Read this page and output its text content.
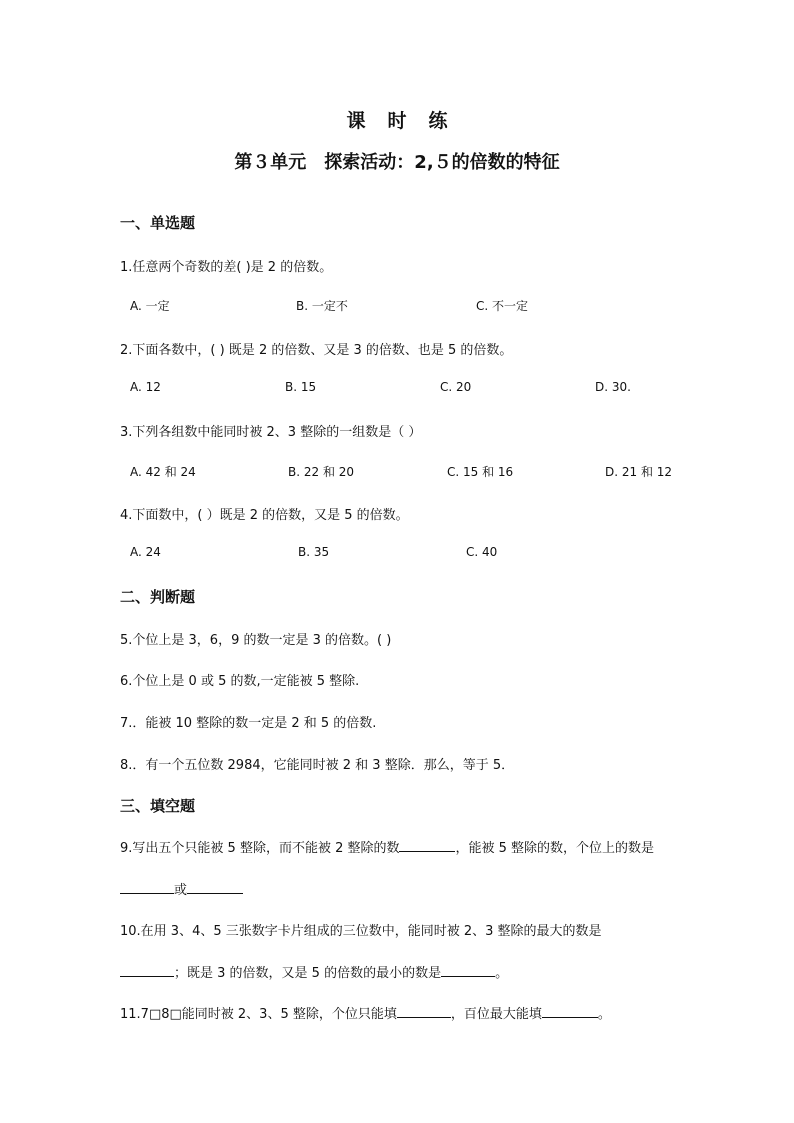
课 时 练
第３单元　探索活动：2,５的倍数的特征
一、单选题
1.任意两个奇数的差( )是 2 的倍数。
A. 一定	B. 一定不	C. 不一定
2.下面各数中，( ) 既是 2 的倍数、又是 3 的倍数、也是 5 的倍数。
A. 12	B. 15	C. 20	D. 30.
3.下列各组数中能同时被 2、3 整除的一组数是（ ）
A. 42 和 24	B. 22 和 20	C. 15 和 16	D. 21 和 12
4.下面数中，( ）既是 2 的倍数，又是 5 的倍数。
A. 24	B. 35	C. 40
二、判断题
5.个位上是 3，6，9 的数一定是 3 的倍数。( )
6.个位上是 0 或 5 的数,一定能被 5 整除.
7.．能被 10 整除的数一定是 2 和 5 的倍数.
8.．有一个五位数 2984，它能同时被 2 和 3 整除．那么，等于 5．
三、填空题
9.写出五个只能被 5 整除，而不能被 2 整除的数	，能被 5 整除的数，个位上的数是
或
10.在用 3、4、5 三张数字卡片组成的三位数中，能同时被 2、3 整除的最大的数是
；既是 3 的倍数，又是 5 的倍数的最小的数是	。
11.7□8□能同时被 2、3、5 整除，个位只能填	，百位最大能填	。
